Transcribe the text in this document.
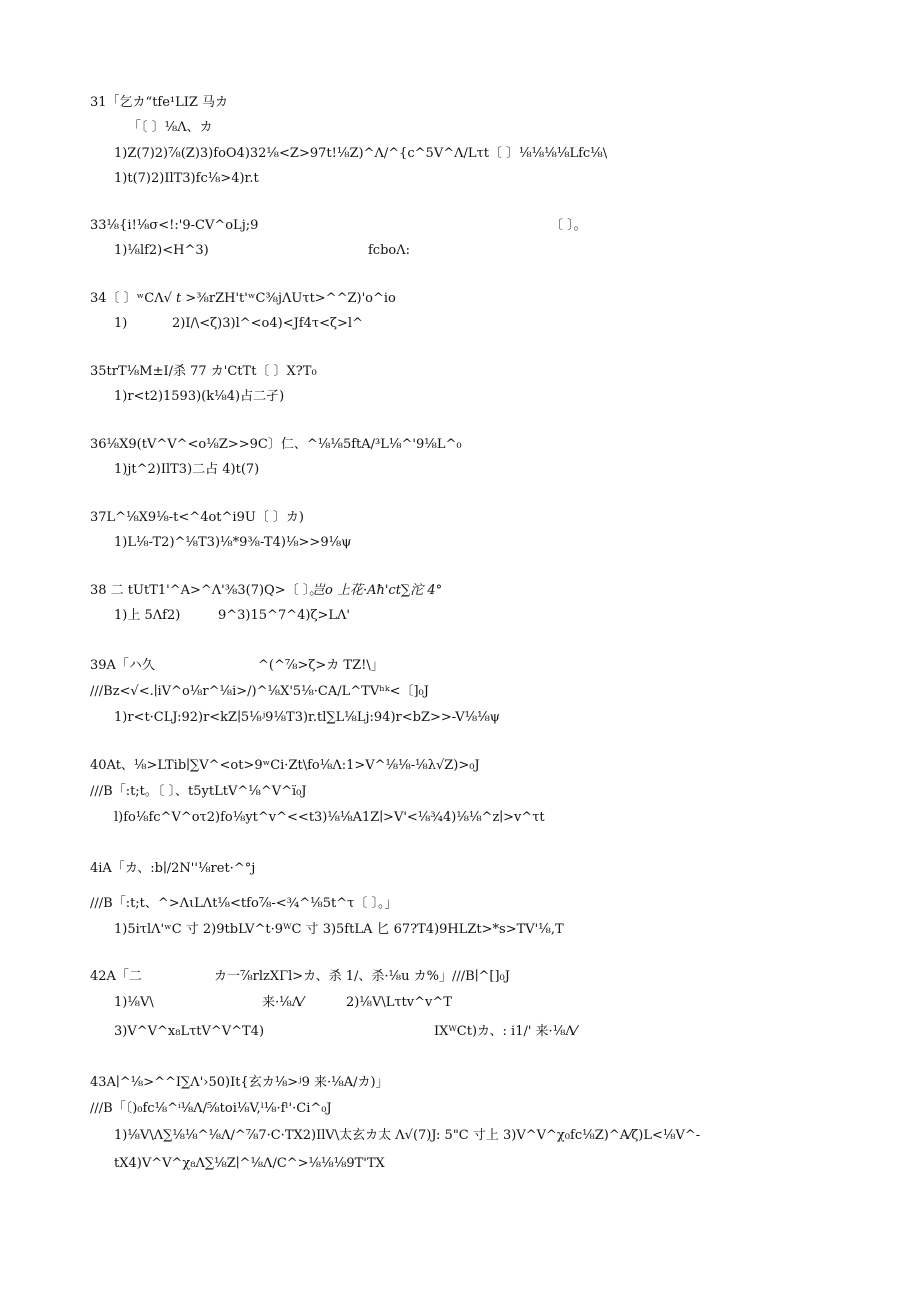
31「乞カ“tfe¹LIZ 马カ
「〔 〕⅛Λ、カ
1)Z(7)2)⅞(Z)3)foO4)32⅛<Z>97t!⅛Z)^Λ/^{c^5V^Λ/Lτt〔 〕⅛⅛⅛⅛Lfc⅛\
1)t(7)2)IlT3)fc⅛>4)r.t
33⅛{i!⅛σ<!:'9-CV^oLj;9	〔 〕。
1)⅛lf2)<H^3)	fcboΛ:
34〔 〕ʷCΛ√ 𝑡 >⅜rZH't'ʷC⅜jΛUτt>^^Z)'o^io
1)	2)I/\<ζ)3)l^<o4)<Jf4τ<ζ>l^
35trT⅛M±I/杀 77 カ'CtTt〔 〕X?T₀
1)r<t2)1593)(k⅛4)占二孑)
36⅛X9(tV^V^<o⅛Z>>9C〕仁、^⅛⅛5ftA/³L⅛^'9⅛L^₀
1)jt^2)IlT3)二占 4)t(7)
37L^⅛X9⅛-t<^4ot^i9U〔 〕カ)
1)L⅛-T2)^⅛T3)⅛*9⅜-T4)⅛>>9⅛ψ
38 二 tUtT1'^A>^Λ'⅜3(7)Q>〔 〕。
岂o 上花·Aħ'ct∑沱 4°
1)上 5Λf2)	9^3)15^7^4)ζ>LΛ'
39A「ハ久	^(^⅞>ζ>カ TZ!\」
///Bz<√<.∣iV^o⅛r^⅛i>/)^⅛X'5⅛·CA/L^TVʰᵏ<〔]₀J
1)r<t·CLJ:92)r<kZ∣5⅛ʲ9⅛T3)r.tl∑L⅛Lj:94)r<bZ>>-V⅛⅛ψ
40At、⅛>LTib∣∑V^<ot>9ʷCi·Zt\fo⅛Λ:1>V^⅛⅛-⅛λ√Z)>₀J
///B「:t;t。〔 〕、t5ytLtV^⅛^V^ï₀J
l)fo⅛fc^V^oτ2)fo⅛yt^v^<<t3)⅛⅛A1Z∣>V'<⅛¾4)⅛⅛^z∣>v^τt
4iA「カ、:b∣/2N''⅛ret·^°j
///B「:t;t、^>ΛιLΛt⅛<tfo⅞-<¾^⅛5t^τ〔 〕。」
1)5iτlΛ'ʷC 寸 2)9tbLV^t·9ᵂC 寸 3)5ftLA 匕 67?T4)9HLZt>*s>TV'⅛,T
42A「二	カ一⅞rlzXΓl>カ、杀 1/、杀·⅛u カ%」///B∣^[]₀J
1)⅛V\	来·⅛Λ⁄	2)⅛V\Lτtv^v^T
3)V^V^x₈LτtV^V^T4)	IXᵂCt)カ、: i1/' 来·⅛Λ⁄
43A∣^⅛>^^I∑Λ'›50)It{玄カ⅛>ʲ9 来·⅛A/カ)」
///B「〔)₀fc⅛^ⁱ⅛Λ/⅝toi⅛V,ˡ⅛·fˡ'·Ci^₀J
1)⅛V\Λ∑⅛⅛^⅛Λ/^⅞7·C·TX2)IlV\太玄カ太 Λ√(7)J: 5"C 寸上 3)V^V^χ₀fc⅛Z)^A⁄ζ)L<⅛V^-
tX4)V^V^χ₈Λ∑⅛Z∣^⅛Λ/C^>⅛⅛⅛9T'TX
